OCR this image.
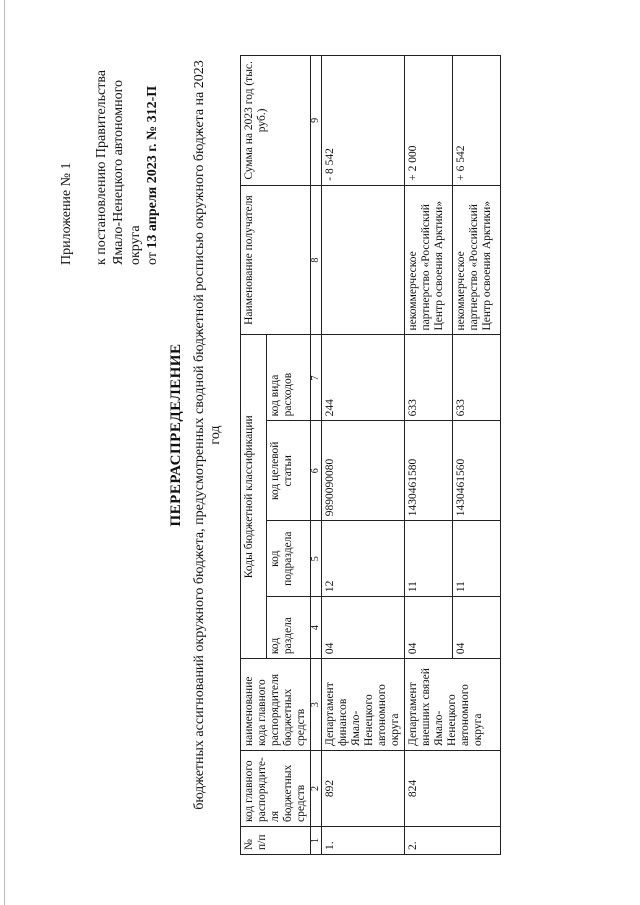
Приложение № 1 к постановлению Правительства Ямало-Ненецкого автономного округа от 13 апреля 2023 г. № 312-П
ПЕРЕРАСПРЕДЕЛЕНИЕ бюджетных ассигнований окружного бюджета, предусмотренных сводной бюджетной росписью окружного бюджета на 2023 год
№ п/п	код главного распорядите-ля бюджетных средств	наименование кода главного распорядителя бюджетных средств	Коды бюджетной классификации				Наименование получателя	Сумма на 2023 год (тыс. руб.)
			код раздела	код подраздела	код целевой статьи	код вида расходов		
1	2	3	4	5	6	7	8	9
1.	892	Департамент финансов Ямало-Ненецкого автономного округа	04	12	9890090080	244		- 8 542
2.	824	Департамент внешних связей Ямало-Ненецкого автономного округа	04	11	1430461580	633	некоммерческое партнерство «Российский Центр освоения Арктики»	+ 2 000
			04	11	1430461560	633	некоммерческое партнерство «Российский Центр освоения Арктики»	+ 6 542
